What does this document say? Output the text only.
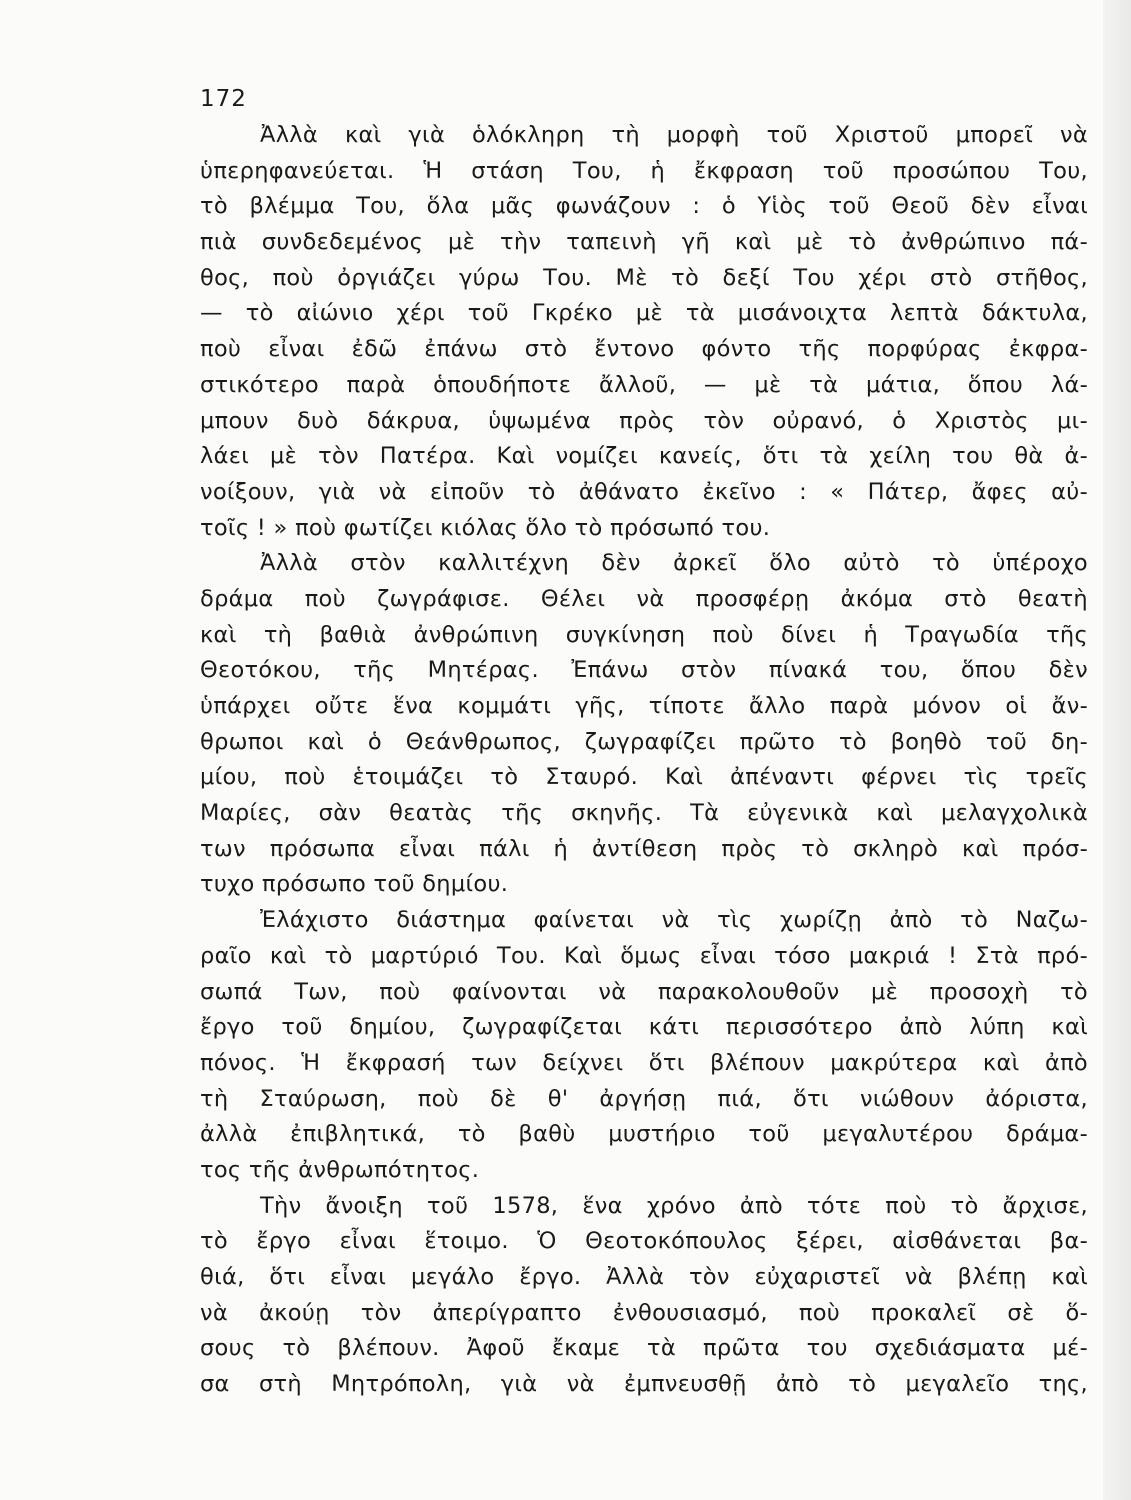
172

Ἀλλὰ καὶ γιὰ ὁλόκληρη τὴ μορφὴ τοῦ Χριστοῦ μπορεῖ νὰ
ὑπερηφανεύεται. Ἡ στάση Του, ἡ ἔκφραση τοῦ προσώπου Του,
τὸ βλέμμα Του, ὅλα μᾶς φωνάζουν : ὁ Υἱὸς τοῦ Θεοῦ δὲν εἶναι
πιὰ συνδεδεμένος μὲ τὴν ταπεινὴ γῆ καὶ μὲ τὸ ἀνθρώπινο πά-
θος, ποὺ ὀργιάζει γύρω Του. Μὲ τὸ δεξί Του χέρι στὸ στῆθος,
— τὸ αἰώνιο χέρι τοῦ Γκρέκο μὲ τὰ μισάνοιχτα λεπτὰ δάκτυλα,
ποὺ εἶναι ἐδῶ ἐπάνω στὸ ἔντονο φόντο τῆς πορφύρας ἐκφρα-
στικότερο παρὰ ὁπουδήποτε ἄλλοῦ, — μὲ τὰ μάτια, ὅπου λά-
μπουν δυὸ δάκρυα, ὑψωμένα πρὸς τὸν οὐρανό, ὁ Χριστὸς μι-
λάει μὲ τὸν Πατέρα. Καὶ νομίζει κανείς, ὅτι τὰ χείλη του θὰ ἀ-
νοίξουν, γιὰ νὰ εἰποῦν τὸ ἀθάνατο ἐκεῖνο : « Πάτερ, ἄφες αὐ-
τοῖς ! » ποὺ φωτίζει κιόλας ὅλο τὸ πρόσωπό του.
Ἀλλὰ στὸν καλλιτέχνη δὲν ἀρκεῖ ὅλο αὐτὸ τὸ ὑπέροχο
δράμα ποὺ ζωγράφισε. Θέλει νὰ προσφέρῃ ἀκόμα στὸ θεατὴ
καὶ τὴ βαθιὰ ἀνθρώπινη συγκίνηση ποὺ δίνει ἡ Τραγωδία τῆς
Θεοτόκου, τῆς Μητέρας. Ἐπάνω στὸν πίνακά του, ὅπου δὲν
ὑπάρχει οὔτε ἕνα κομμάτι γῆς, τίποτε ἄλλο παρὰ μόνον οἱ ἄν-
θρωποι καὶ ὁ Θεάνθρωπος, ζωγραφίζει πρῶτο τὸ βοηθὸ τοῦ δη-
μίου, ποὺ ἑτοιμάζει τὸ Σταυρό. Καὶ ἀπέναντι φέρνει τὶς τρεῖς
Μαρίες, σὰν θεατὰς τῆς σκηνῆς. Τὰ εὐγενικὰ καὶ μελαγχολικὰ
των πρόσωπα εἶναι πάλι ἡ ἀντίθεση πρὸς τὸ σκληρὸ καὶ πρόσ-
τυχο πρόσωπο τοῦ δημίου.
Ἐλάχιστο διάστημα φαίνεται νὰ τὶς χωρίζῃ ἀπὸ τὸ Ναζω-
ραῖο καὶ τὸ μαρτύριό Του. Καὶ ὅμως εἶναι τόσο μακριά ! Στὰ πρό-
σωπά Των, ποὺ φαίνονται νὰ παρακολουθοῦν μὲ προσοχὴ τὸ
ἔργο τοῦ δημίου, ζωγραφίζεται κάτι περισσότερο ἀπὸ λύπη καὶ
πόνος. Ἡ ἔκφρασή των δείχνει ὅτι βλέπουν μακρύτερα καὶ ἀπὸ
τὴ Σταύρωση, ποὺ δὲ θ' ἀργήσῃ πιά, ὅτι νιώθουν ἀόριστα,
ἀλλὰ ἐπιβλητικά, τὸ βαθὺ μυστήριο τοῦ μεγαλυτέρου δράμα-
τος τῆς ἀνθρωπότητος.
Τὴν ἄνοιξη τοῦ 1578, ἕνα χρόνο ἀπὸ τότε ποὺ τὸ ἄρχισε,
τὸ ἔργο εἶναι ἕτοιμο. Ὁ Θεοτοκόπουλος ξέρει, αἰσθάνεται βα-
θιά, ὅτι εἶναι μεγάλο ἔργο. Ἀλλὰ τὸν εὐχαριστεῖ νὰ βλέπῃ καὶ
νὰ ἀκούῃ τὸν ἀπερίγραπτο ἐνθουσιασμό, ποὺ προκαλεῖ σὲ ὅ-
σους τὸ βλέπουν. Ἀφοῦ ἔκαμε τὰ πρῶτα του σχεδιάσματα μέ-
σα στὴ Μητρόπολη, γιὰ νὰ ἐμπνευσθῇ ἀπὸ τὸ μεγαλεῖο της,
